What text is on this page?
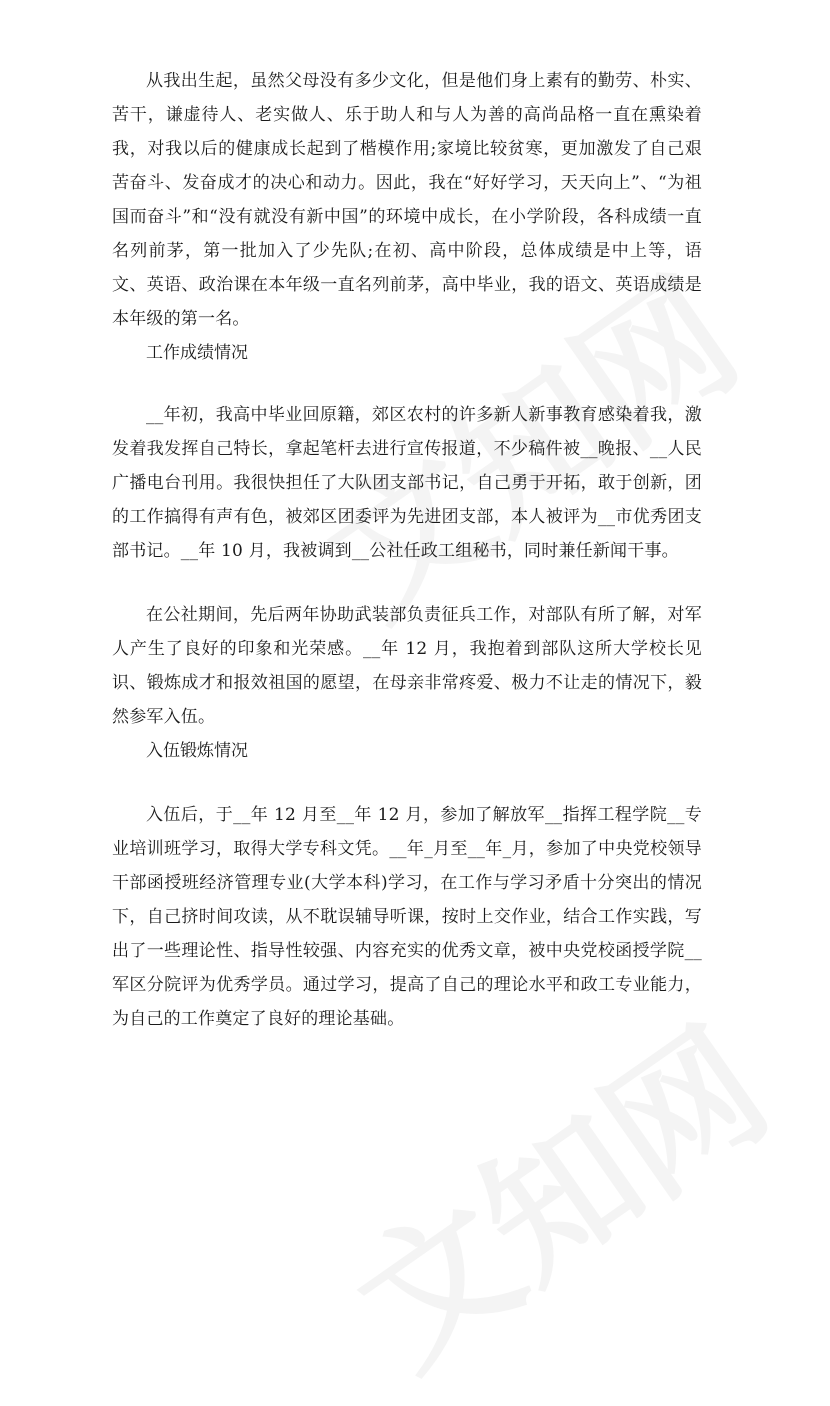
从我出生起，虽然父母没有多少文化，但是他们身上素有的勤劳、朴实、苦干，谦虚待人、老实做人、乐于助人和与人为善的高尚品格一直在熏染着我，对我以后的健康成长起到了楷模作用;家境比较贫寒，更加激发了自己艰苦奋斗、发奋成才的决心和动力。因此，我在“好好学习，天天向上”、“为祖国而奋斗”和“没有就没有新中国”的环境中成长，在小学阶段，各科成绩一直名列前茅，第一批加入了少先队;在初、高中阶段，总体成绩是中上等，语文、英语、政治课在本年级一直名列前茅，高中毕业，我的语文、英语成绩是本年级的第一名。

工作成绩情况

__年初，我高中毕业回原籍，郊区农村的许多新人新事教育感染着我，激发着我发挥自己特长，拿起笔杆去进行宣传报道，不少稿件被__晚报、__人民广播电台刊用。我很快担任了大队团支部书记，自己勇于开拓，敢于创新，团的工作搞得有声有色，被郊区团委评为先进团支部，本人被评为__市优秀团支部书记。__年 10 月，我被调到__公社任政工组秘书，同时兼任新闻干事。

在公社期间，先后两年协助武装部负责征兵工作，对部队有所了解，对军人产生了良好的印象和光荣感。__年 12 月，我抱着到部队这所大学校长见识、锻炼成才和报效祖国的愿望，在母亲非常疼爱、极力不让走的情况下，毅然参军入伍。

入伍锻炼情况

入伍后，于__年 12 月至__年 12 月，参加了解放军__指挥工程学院__专业培训班学习，取得大学专科文凭。__年_月至__年_月，参加了中央党校领导干部函授班经济管理专业(大学本科)学习，在工作与学习矛盾十分突出的情况下，自己挤时间攻读，从不耽误辅导听课，按时上交作业，结合工作实践，写出了一些理论性、指导性较强、内容充实的优秀文章，被中央党校函授学院__军区分院评为优秀学员。通过学习，提高了自己的理论水平和政工专业能力，为自己的工作奠定了良好的理论基础。
